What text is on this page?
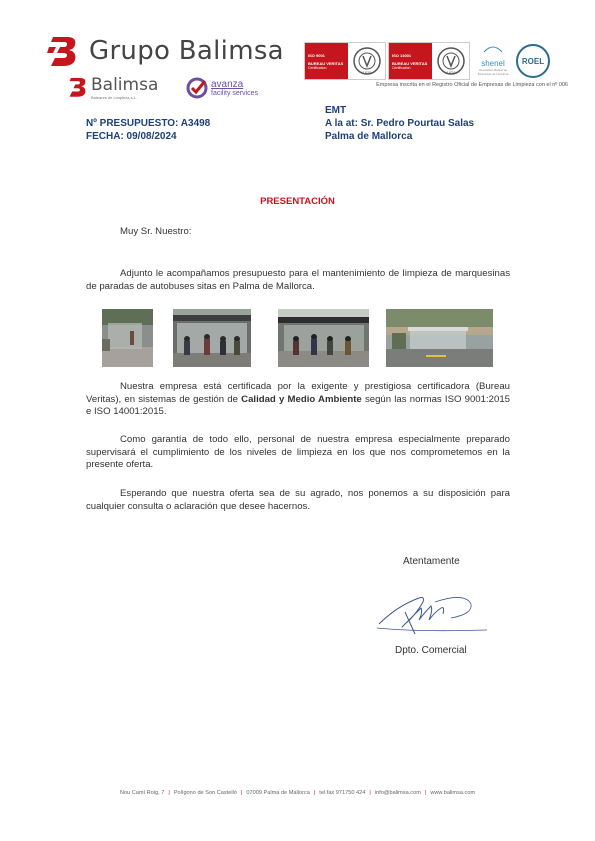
Grupo Balimsa
Balimsa
Baleares de Limpieza s.L.
avanza
facility services
ISO 9001
BUREAU VERITAS
Certification
1828
ISO 14001
BUREAU VERITAS
Certification
1828
shenel
Asociación Balear de Empresas de Limpieza
ROEL
Empresa inscrita en el Registro Oficial de Empresas de Limpieza con el nº 006
Nº PRESUPUESTO: A3498
FECHA: 09/08/2024
EMT
A la at: Sr. Pedro Pourtau Salas
Palma de Mallorca
PRESENTACIÓN
Muy Sr. Nuestro:
Adjunto le acompañamos presupuesto para el mantenimiento de limpieza de marquesinas de paradas de autobuses sitas en Palma de Mallorca.
Nuestra empresa está certificada por la exigente y prestigiosa certificadora (Bureau Veritas), en sistemas de gestión de Calidad y Medio Ambiente según las normas ISO 9001:2015 e ISO 14001:2015.
Como garantía de todo ello, personal de nuestra empresa especialmente preparado supervisará el cumplimiento de los niveles de limpieza en los que nos comprometemos en la presente oferta.
Esperando que nuestra oferta sea de su agrado, nos ponemos a su disposición para cualquier consulta o aclaración que desee hacernos.
Atentamente
Dpto. Comercial
Nou Camí Roig, 7 | Polígono de Son Castelló | 07009 Palma de Mallorca | tel fax 971750 424 | info@balimsa.com | www.balimsa.com
